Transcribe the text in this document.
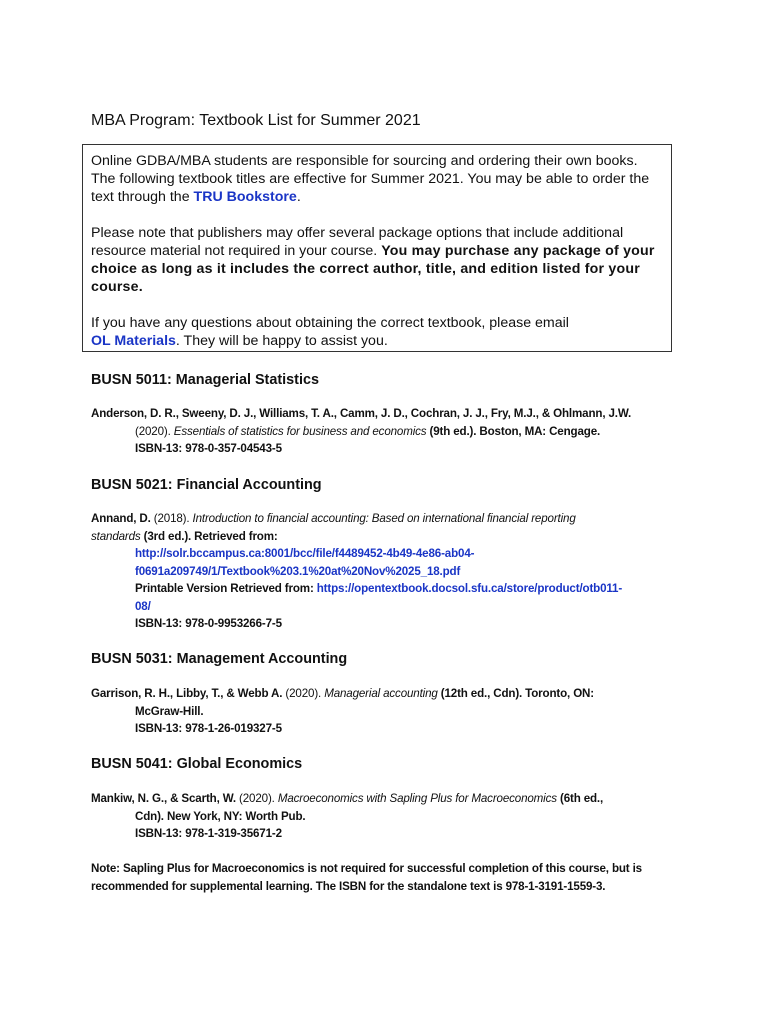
MBA Program: Textbook List for Summer 2021

Online GDBA/MBA students are responsible for sourcing and ordering their own books. The following textbook titles are effective for Summer 2021. You may be able to order the text through the TRU Bookstore.

Please note that publishers may offer several package options that include additional resource material not required in your course. You may purchase any package of your choice as long as it includes the correct author, title, and edition listed for your course.

If you have any questions about obtaining the correct textbook, please email
OL Materials. They will be happy to assist you.

BUSN 5011: Managerial Statistics
Anderson, D. R., Sweeny, D. J., Williams, T. A., Camm, J. D., Cochran, J. J., Fry, M.J., & Ohlmann, J.W.
(2020). Essentials of statistics for business and economics (9th ed.). Boston, MA: Cengage.
ISBN-13: 978-0-357-04543-5
BUSN 5021: Financial Accounting
Annand, D. (2018). Introduction to financial accounting: Based on international financial reporting
standards (3rd ed.). Retrieved from:
http://solr.bccampus.ca:8001/bcc/file/f4489452-4b49-4e86-ab04-
f0691a209749/1/Textbook%203.1%20at%20Nov%2025_18.pdf
Printable Version Retrieved from: https://opentextbook.docsol.sfu.ca/store/product/otb011-
08/
ISBN-13: 978-0-9953266-7-5
BUSN 5031: Management Accounting
Garrison, R. H., Libby, T., & Webb A. (2020). Managerial accounting (12th ed., Cdn). Toronto, ON:
McGraw-Hill.
ISBN-13: 978-1-26-019327-5
BUSN 5041: Global Economics
Mankiw, N. G., & Scarth, W. (2020). Macroeconomics with Sapling Plus for Macroeconomics (6th ed.,
Cdn). New York, NY: Worth Pub.
ISBN-13: 978-1-319-35671-2
Note: Sapling Plus for Macroeconomics is not required for successful completion of this course, but is
recommended for supplemental learning. The ISBN for the standalone text is 978-1-3191-1559-3.
